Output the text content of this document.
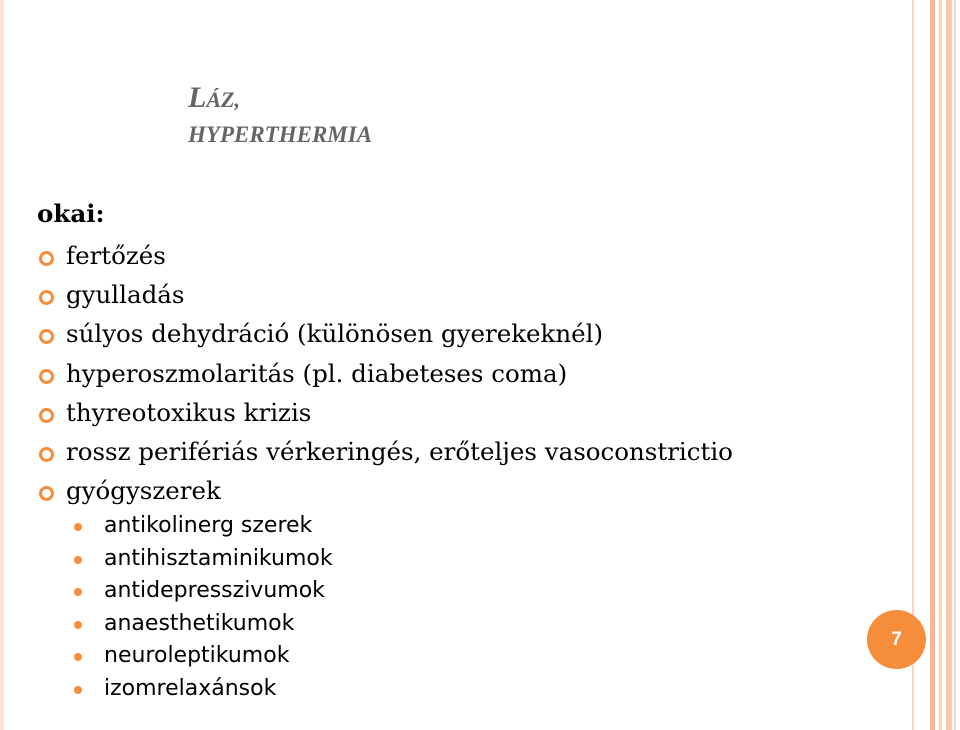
LÁZ,
HYPERTHERMIA

okai:

fertőzés
gyulladás
súlyos dehydráció (különösen gyerekeknél)
hyperoszmolaritás (pl. diabeteses coma)
thyreotoxikus krizis
rossz perifériás vérkeringés, erőteljes vasoconstrictio
gyógyszerek
antikolinerg szerek
antihisztaminikumok
antidepresszivumok
anaesthetikumok
neuroleptikumok
izomrelaxánsok
7
